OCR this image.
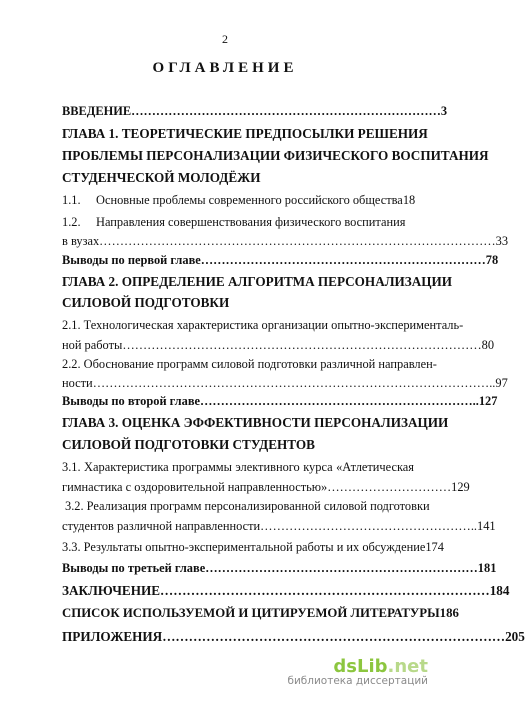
2
ОГЛАВЛЕНИЕ
ВВЕДЕНИЕ ………………………………………………………………… 3
ГЛАВА 1. ТЕОРЕТИЧЕСКИЕ ПРЕДПОСЫЛКИ РЕШЕНИЯ
ПРОБЛЕМЫ ПЕРСОНАЛИЗАЦИИ ФИЗИЧЕСКОГО ВОСПИТАНИЯ
СТУДЕНЧЕСКОЙ МОЛОДЁЖИ
1.1.	Основные проблемы современного российского общества 18
1.2. Направления совершенствования физического воспитания
в вузах …………………………………………………………………………………… 33
Выводы по первой главе …………………………………………………………… 78
ГЛАВА 2. ОПРЕДЕЛЕНИЕ АЛГОРИТМА ПЕРСОНАЛИЗАЦИИ
СИЛОВОЙ ПОДГОТОВКИ
2.1. Технологическая характеристика организации опытно-эксперименталь-
ной работы …………………………………………………………………………… 80
2.2. Обоснование программ силовой подготовки различной направлен-
ности …………………………………………………………………………………….. 97
Выводы по второй главе ………………………………………………………….. 127
ГЛАВА 3. ОЦЕНКА ЭФФЕКТИВНОСТИ ПЕРСОНАЛИЗАЦИИ
СИЛОВОЙ ПОДГОТОВКИ СТУДЕНТОВ
3.1. Характеристика программы элективного курса «Атлетическая
гимнастика с оздоровительной направленностью» ………………………… 129
3.2. Реализация программ персонализированной силовой подготовки
студентов различной направленности …………………………………………….. 141
3.3. Результаты опытно-экспериментальной работы и их обсуждение 174
Выводы по третьей главе ………………………………………………………… 181
ЗАКЛЮЧЕНИЕ ………………………………………………………………… 184
СПИСОК ИСПОЛЬЗУЕМОЙ И ЦИТИРУЕМОЙ ЛИТЕРАТУРЫ 186
ПРИЛОЖЕНИЯ …………………………………………………………………… 205
dsLib.net
библиотека диссертаций
